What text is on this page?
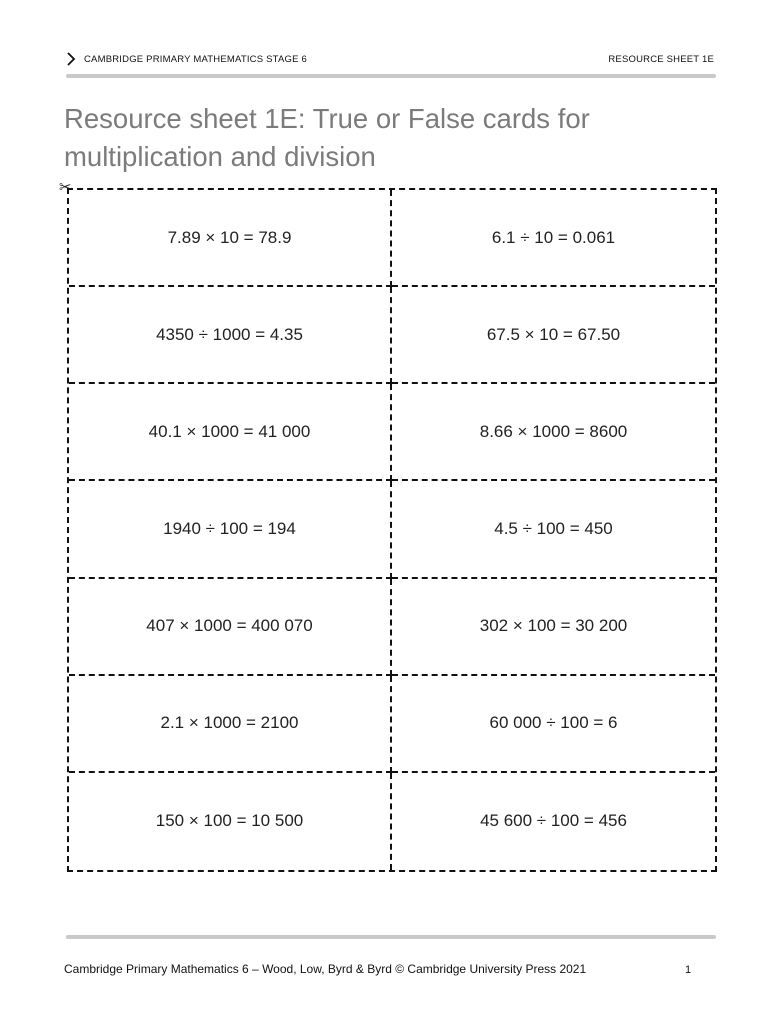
CAMBRIDGE PRIMARY MATHEMATICS STAGE 6	RESOURCE SHEET 1E
Resource sheet 1E: True or False cards for multiplication and division
✂
7.89 × 10 = 78.9	6.1 ÷ 10 = 0.061
4350 ÷ 1000 = 4.35	67.5 × 10 = 67.50
40.1 × 1000 = 41 000	8.66 × 1000 = 8600
1940 ÷ 100 = 194	4.5 ÷ 100 = 450
407 × 1000 = 400 070	302 × 100 = 30 200
2.1 × 1000 = 2100	60 000 ÷ 100 = 6
150 × 100 = 10 500	45 600 ÷ 100 = 456
Cambridge Primary Mathematics 6 – Wood, Low, Byrd & Byrd © Cambridge University Press 2021	1
